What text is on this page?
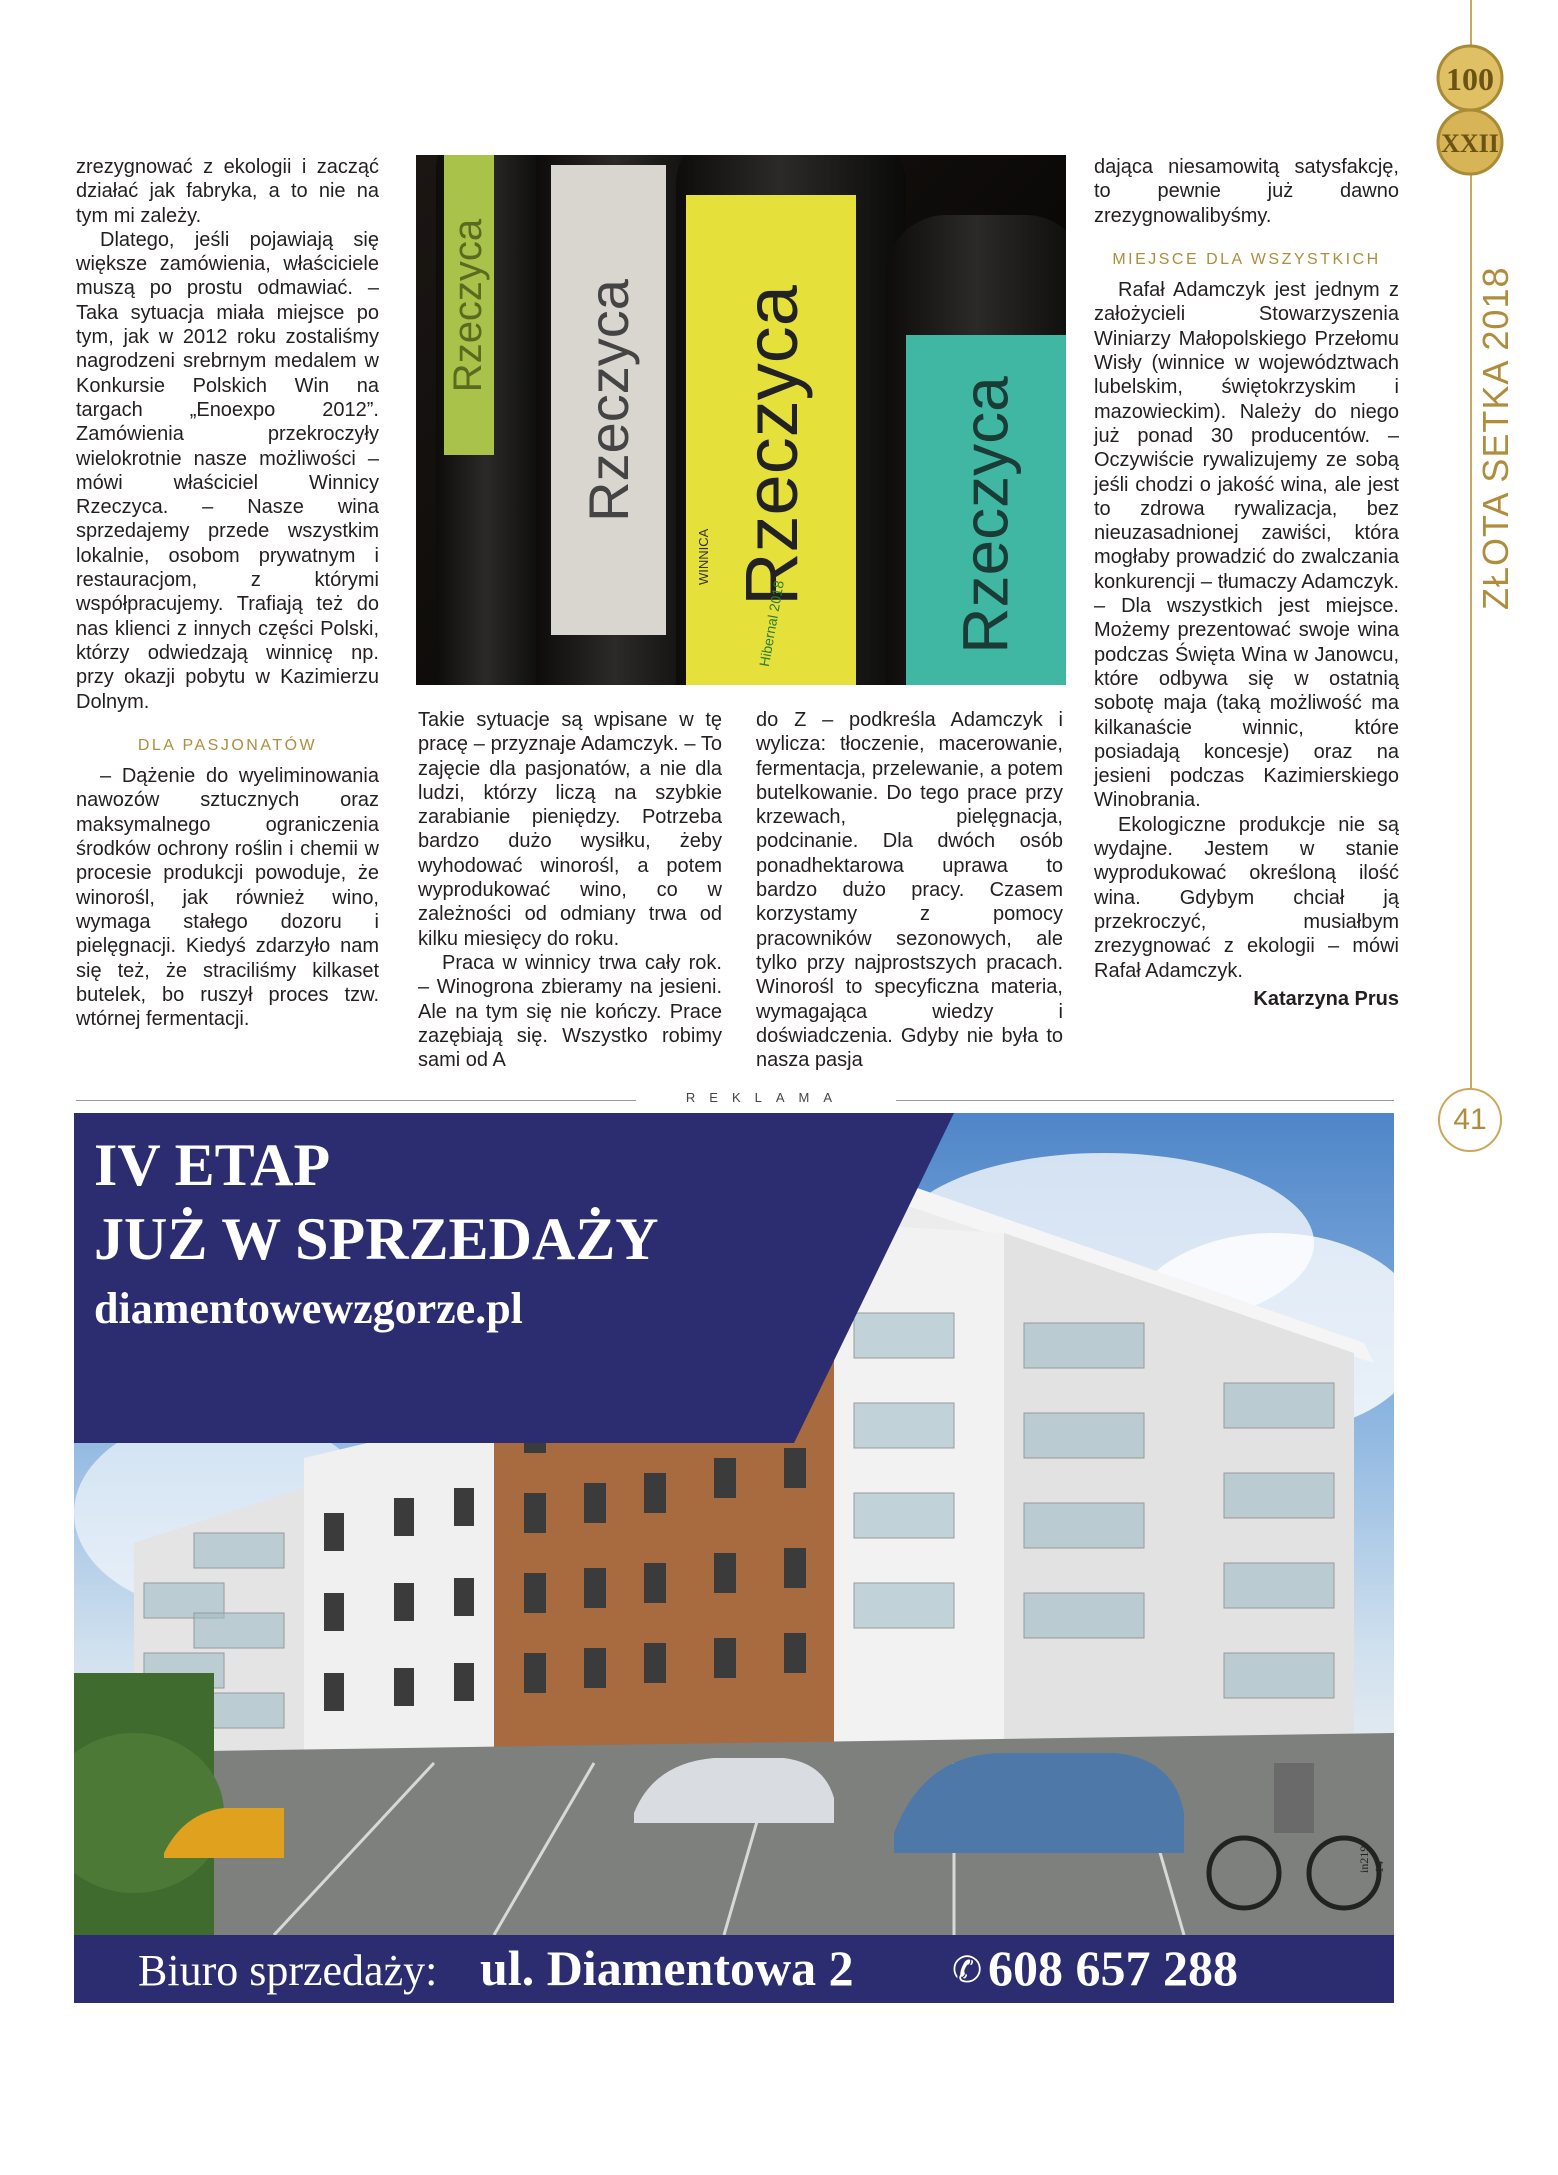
zrezygnować z ekologii i zacząć działać jak fabryka, a to nie na tym mi zależy.

Dlatego, jeśli pojawiają się większe zamówienia, właściciele muszą po prostu odmawiać. – Taka sytuacja miała miejsce po tym, jak w 2012 roku zostaliśmy nagrodzeni srebrnym medalem w Konkursie Polskich Win na targach „Enoexpo 2012”. Zamówienia przekroczyły wielokrotnie nasze możliwości – mówi właściciel Winnicy Rzeczyca. – Nasze wina sprzedajemy przede wszystkim lokalnie, osobom prywatnym i restauracjom, z którymi współpracujemy. Trafiają też do nas klienci z innych części Polski, którzy odwiedzają winnicę np. przy okazji pobytu w Kazimierzu Dolnym.

DLA PASJONATÓW

– Dążenie do wyeliminowania nawozów sztucznych oraz maksymalnego ograniczenia środków ochrony roślin i chemii w procesie produkcji powoduje, że winorośl, jak również wino, wymaga stałego dozoru i pielęgnacji. Kiedyś zdarzyło nam się też, że straciliśmy kilkaset butelek, bo ruszył proces tzw. wtórnej fermentacji.

Rzeczyca Rzeczyca Rzeczyca
WINNICA
Hibernal 2018	Rzeczyca

Takie sytuacje są wpisane w tę pracę – przyznaje Adamczyk. – To zajęcie dla pasjonatów, a nie dla ludzi, którzy liczą na szybkie zarabianie pieniędzy. Potrzeba bardzo dużo wysiłku, żeby wyhodować winorośl, a potem wyprodukować wino, co w zależności od odmiany trwa od kilku miesięcy do roku.

Praca w winnicy trwa cały rok. – Winogrona zbieramy na jesieni. Ale na tym się nie kończy. Prace zazębiają się. Wszystko robimy sami od A

do Z – podkreśla Adamczyk i wylicza: tłoczenie, macerowanie, fermentacja, przelewanie, a potem butelkowanie. Do tego prace przy krzewach, pielęgnacja, podcinanie. Dla dwóch osób ponadhektarowa uprawa to bardzo dużo pracy. Czasem korzystamy z pomocy pracowników sezonowych, ale tylko przy najprostszych pracach. Winorośl to specyficzna materia, wymagająca wiedzy i doświadczenia. Gdyby nie była to nasza pasja

dająca niesamowitą satysfakcję, to pewnie już dawno zrezygnowalibyśmy.

MIEJSCE DLA WSZYSTKICH

Rafał Adamczyk jest jednym z założycieli Stowarzyszenia Winiarzy Małopolskiego Przełomu Wisły (winnice w województwach lubelskim, świętokrzyskim i mazowieckim). Należy do niego już ponad 30 producentów. – Oczywiście rywalizujemy ze sobą jeśli chodzi o jakość wina, ale jest to zdrowa rywalizacja, bez nieuzasadnionej zawiści, która mogłaby prowadzić do zwalczania konkurencji – tłumaczy Adamczyk. – Dla wszystkich jest miejsce. Możemy prezentować swoje wina podczas Święta Wina w Janowcu, które odbywa się w ostatnią sobotę maja (taką możliwość ma kilkanaście winnic, które posiadają koncesje) oraz na jesieni podczas Kazimierskiego Winobrania.

Ekologiczne produkcje nie są wydajne. Jestem w stanie wyprodukować określoną ilość wina. Gdybym chciał ją przekroczyć, musiałbym zrezygnować z ekologii – mówi Rafał Adamczyk.

Katarzyna Prus

100
XXII
ZŁOTA SETKA 2018
41
REKLAMA
IV ETAP
JUŻ W SPRZEDAŻY
diamentowewzgorze.pl
in219 14
Biuro sprzedaży: ul. Diamentowa 2	✆ 608 657 288
